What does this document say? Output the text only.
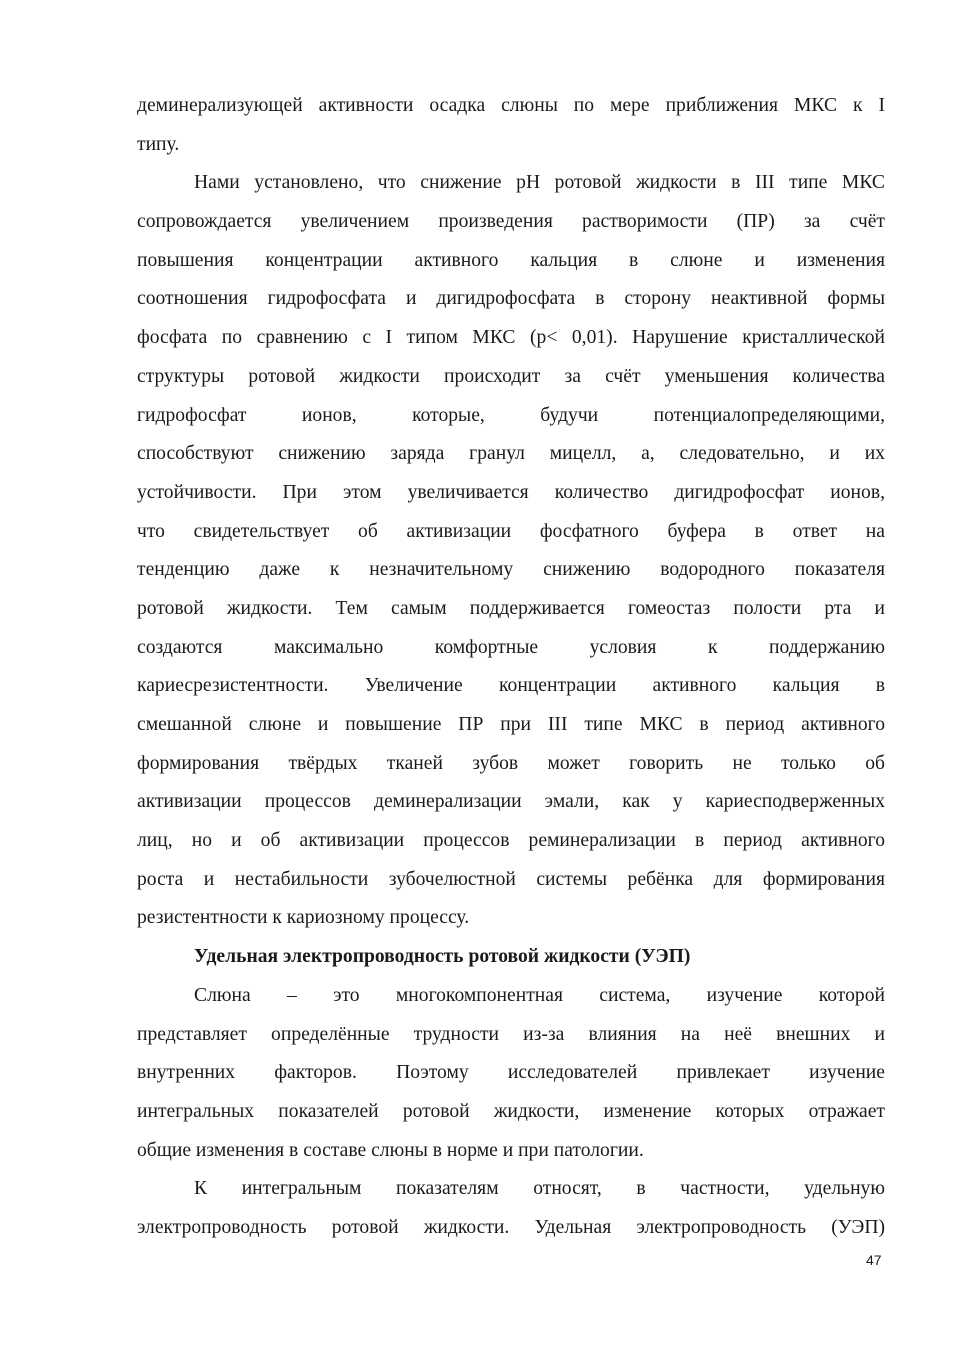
деминерализующей активности осадка слюны по мере приближения МКС к I
типу.
Нами установлено, что снижение pH ротовой жидкости в III типе МКС
сопровождается увеличением произведения растворимости (ПР) за счёт
повышения концентрации активного кальция в слюне и изменения
соотношения гидрофосфата и дигидрофосфата в сторону неактивной формы
фосфата по сравнению с I типом МКС (p< 0,01). Нарушение кристаллической
структуры ротовой жидкости происходит за счёт уменьшения количества
гидрофосфат ионов, которые, будучи потенциалопределяющими,
способствуют снижению заряда гранул мицелл, а, следовательно, и их
устойчивости. При этом увеличивается количество дигидрофосфат ионов,
что свидетельствует об активизации фосфатного буфера в ответ на
тенденцию даже к незначительному снижению водородного показателя
ротовой жидкости. Тем самым поддерживается гомеостаз полости рта и
создаются максимально комфортные условия к поддержанию
кариесрезистентности. Увеличение концентрации активного кальция в
смешанной слюне и повышение ПР при III типе МКС в период активного
формирования твёрдых тканей зубов может говорить не только об
активизации процессов деминерализации эмали, как у кариесподверженных
лиц, но и об активизации процессов реминерализации в период активного
роста и нестабильности зубочелюстной системы ребёнка для формирования
резистентности к кариозному процессу.
Удельная электропроводность ротовой жидкости (УЭП)
Слюна – это многокомпонентная система, изучение которой
представляет определённые трудности из-за влияния на неё внешних и
внутренних факторов. Поэтому исследователей привлекает изучение
интегральных показателей ротовой жидкости, изменение которых отражает
общие изменения в составе слюны в норме и при патологии.
К интегральным показателям относят, в частности, удельную
электропроводность ротовой жидкости. Удельная электропроводность (УЭП)
47
